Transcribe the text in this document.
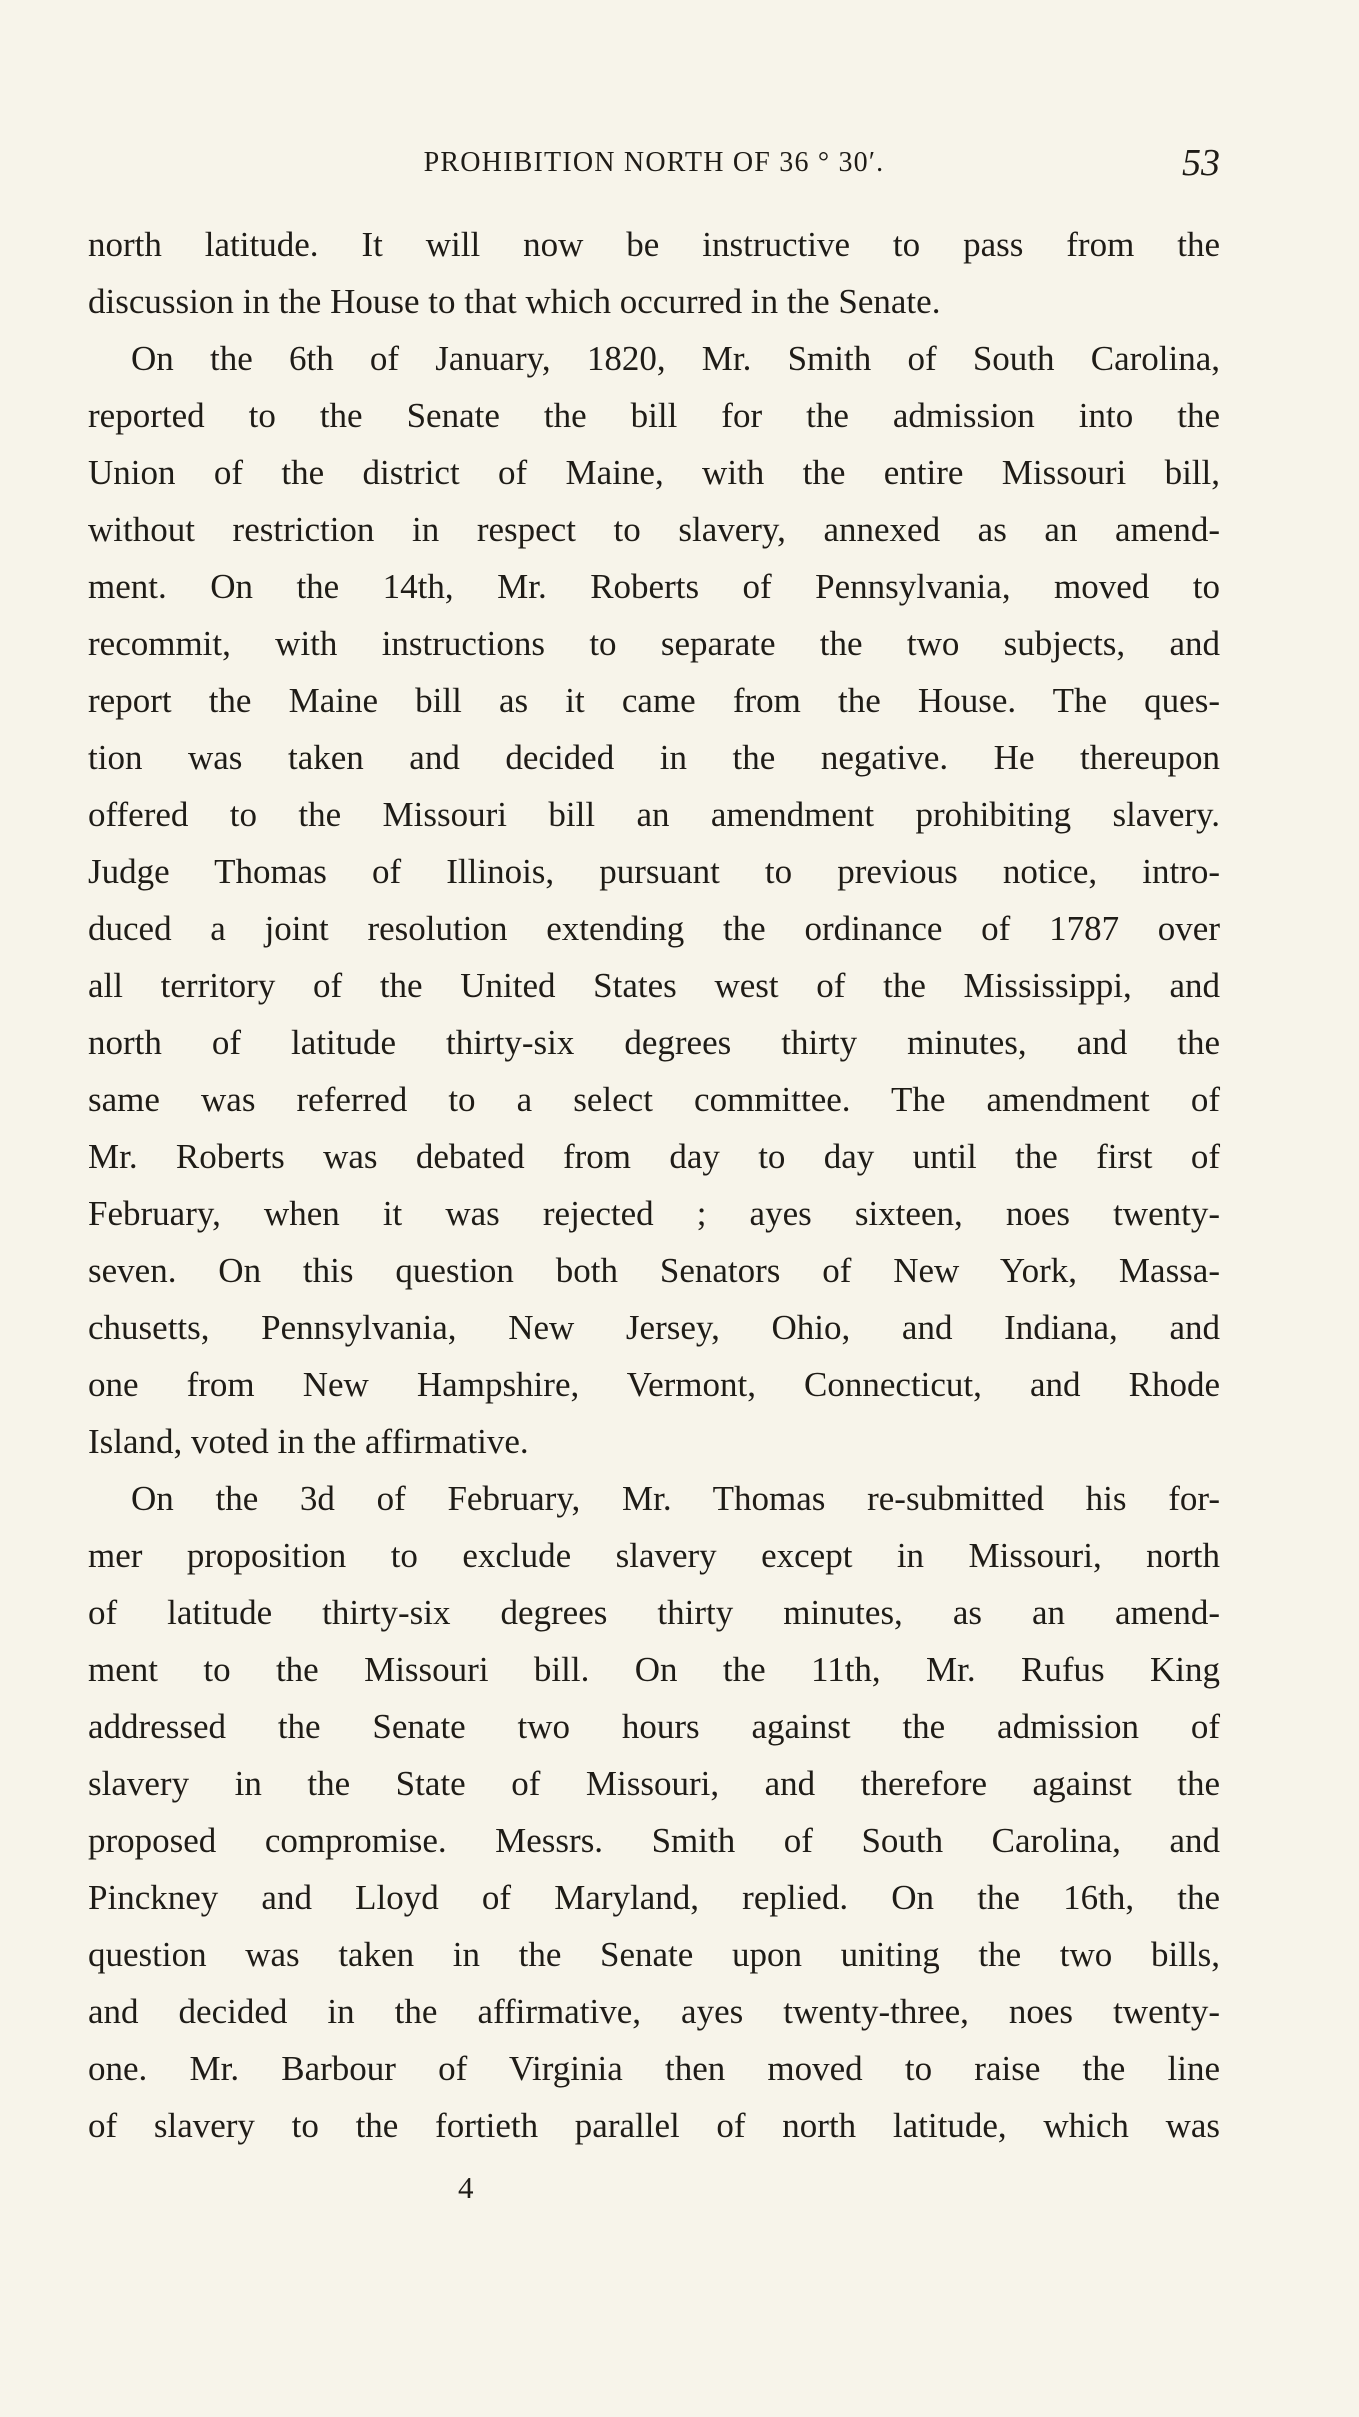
PROHIBITION NORTH OF 36 ° 30′.	53
north latitude. It will now be instructive to pass from the
discussion in the House to that which occurred in the Senate.
On the 6th of January, 1820, Mr. Smith of South Carolina,
reported to the Senate the bill for the admission into the
Union of the district of Maine, with the entire Missouri bill,
without restriction in respect to slavery, annexed as an amend-
ment. On the 14th, Mr. Roberts of Pennsylvania, moved to
recommit, with instructions to separate the two subjects, and
report the Maine bill as it came from the House. The ques-
tion was taken and decided in the negative. He thereupon
offered to the Missouri bill an amendment prohibiting slavery.
Judge Thomas of Illinois, pursuant to previous notice, intro-
duced a joint resolution extending the ordinance of 1787 over
all territory of the United States west of the Mississippi, and
north of latitude thirty-six degrees thirty minutes, and the
same was referred to a select committee. The amendment of
Mr. Roberts was debated from day to day until the first of
February, when it was rejected ; ayes sixteen, noes twenty-
seven. On this question both Senators of New York, Massa-
chusetts, Pennsylvania, New Jersey, Ohio, and Indiana, and
one from New Hampshire, Vermont, Connecticut, and Rhode
Island, voted in the affirmative.
On the 3d of February, Mr. Thomas re-submitted his for-
mer proposition to exclude slavery except in Missouri, north
of latitude thirty-six degrees thirty minutes, as an amend-
ment to the Missouri bill. On the 11th, Mr. Rufus King
addressed the Senate two hours against the admission of
slavery in the State of Missouri, and therefore against the
proposed compromise. Messrs. Smith of South Carolina, and
Pinckney and Lloyd of Maryland, replied. On the 16th, the
question was taken in the Senate upon uniting the two bills,
and decided in the affirmative, ayes twenty-three, noes twenty-
one. Mr. Barbour of Virginia then moved to raise the line
of slavery to the fortieth parallel of north latitude, which was
4
